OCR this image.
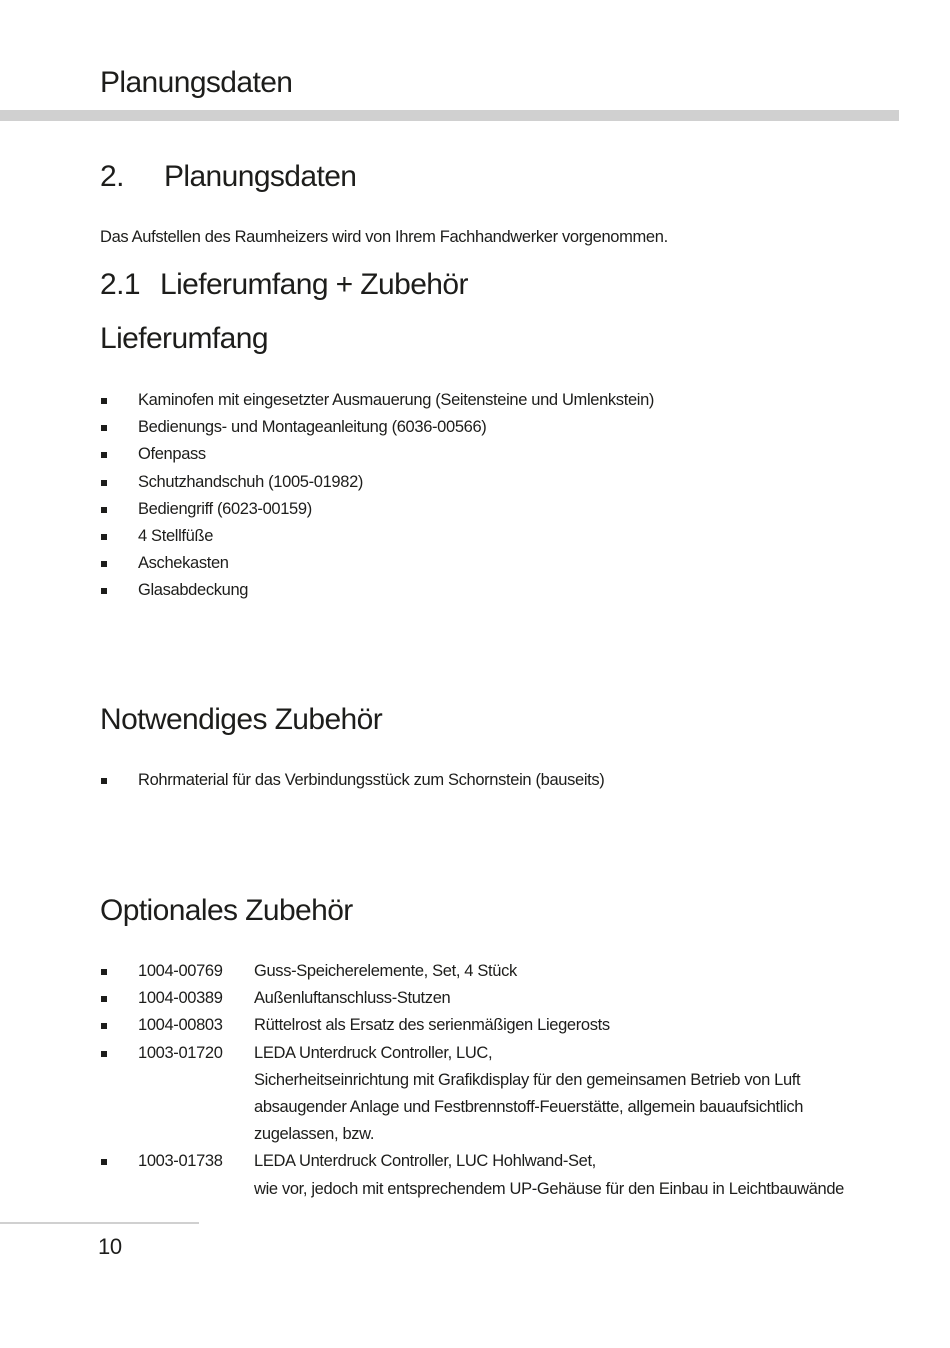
Planungsdaten
2. Planungsdaten

Das Aufstellen des Raumheizers wird von Ihrem Fachhandwerker vorgenommen.

2.1 Lieferumfang + Zubehör
Lieferumfang
Kaminofen mit eingesetzter Ausmauerung (Seitensteine und Umlenkstein)
Bedienungs- und Montageanleitung (6036-00566)
Ofenpass
Schutzhandschuh (1005-01982)
Bediengriff (6023-00159)
4 Stellfüße
Aschekasten
Glasabdeckung
Notwendiges Zubehör
Rohrmaterial für das Verbindungsstück zum Schornstein (bauseits)
Optionales Zubehör
1004-00769 Guss-Speicherelemente, Set, 4 Stück
1004-00389 Außenluftanschluss-Stutzen
1004-00803 Rüttelrost als Ersatz des serienmäßigen Liegerosts
1003-01720 LEDA Unterdruck Controller, LUC,
Sicherheitseinrichtung mit Grafikdisplay für den gemeinsamen Betrieb von Luft
absaugender Anlage und Festbrennstoff-Feuerstätte, allgemein bauaufsichtlich
zugelassen, bzw.
1003-01738 LEDA Unterdruck Controller, LUC Hohlwand-Set,
wie vor, jedoch mit entsprechendem UP-Gehäuse für den Einbau in Leichtbauwände

10
